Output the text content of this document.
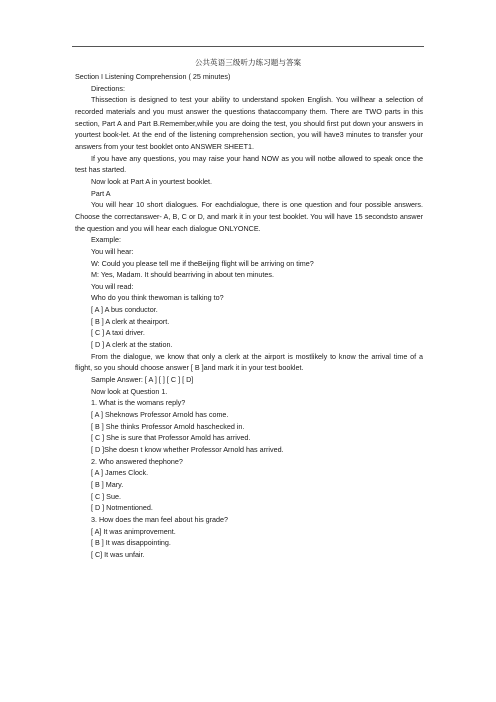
公共英语三级听力练习题与答案

Section I Listening Comprehension ( 25 minutes)

Directions:

Thissection is designed to test your ability to understand spoken English. You willhear a selection of recorded materials and you must answer the questions thataccompany them. There are TWO parts in this section, Part A and Part B.Remember,while you are doing the test, you should first put down your answers in yourtest book-let. At the end of the listening comprehension section, you will have3 minutes to transfer your answers from your test booklet onto ANSWER SHEET1.

If you have any questions, you may raise your hand NOW as you will notbe allowed to speak once the test has started.

Now look at Part A in yourtest booklet.

Part A

You will hear 10 short dialogues. For eachdialogue, there is one question and four possible answers. Choose the correctanswer- A, B, C or D, and mark it in your test booklet. You will have 15 secondsto answer the question and you will hear each dialogue ONLYONCE.

Example:

You will hear:

W: Could you please tell me if theBeijing flight will be arriving on time?

M: Yes, Madam. It should bearriving in about ten minutes.

You will read:

Who do you think thewoman is talking to?

[ A ] A bus conductor.

[ B ] A clerk at theairport.

[ C ] A taxi driver.

[ D ] A clerk at the station.

From the dialogue, we know that only a clerk at the airport is mostlikely to know the arrival time of a flight, so you should choose answer [ B ]and mark it in your test booklet.

Sample Answer: [ A ] [ ] [ C ] [ D]

Now look at Question 1.

1. What is the womans reply?

[ A ] Sheknows Professor Arnold has come.

[ B ] She thinks Professor Arnold haschecked in.

[ C ] She is sure that Professor Amold has arrived.

[ D ]She doesn t know whether Professor Arnold has arrived.

2. Who answered thephone?

[ A ] James Clock.

[ B ] Mary.

[ C ] Sue.

[ D ] Notmentioned.

3. How does the man feel about his grade?

[ A] It was animprovement.

[ B ] It was disappointing.

[ C] It was unfair.
